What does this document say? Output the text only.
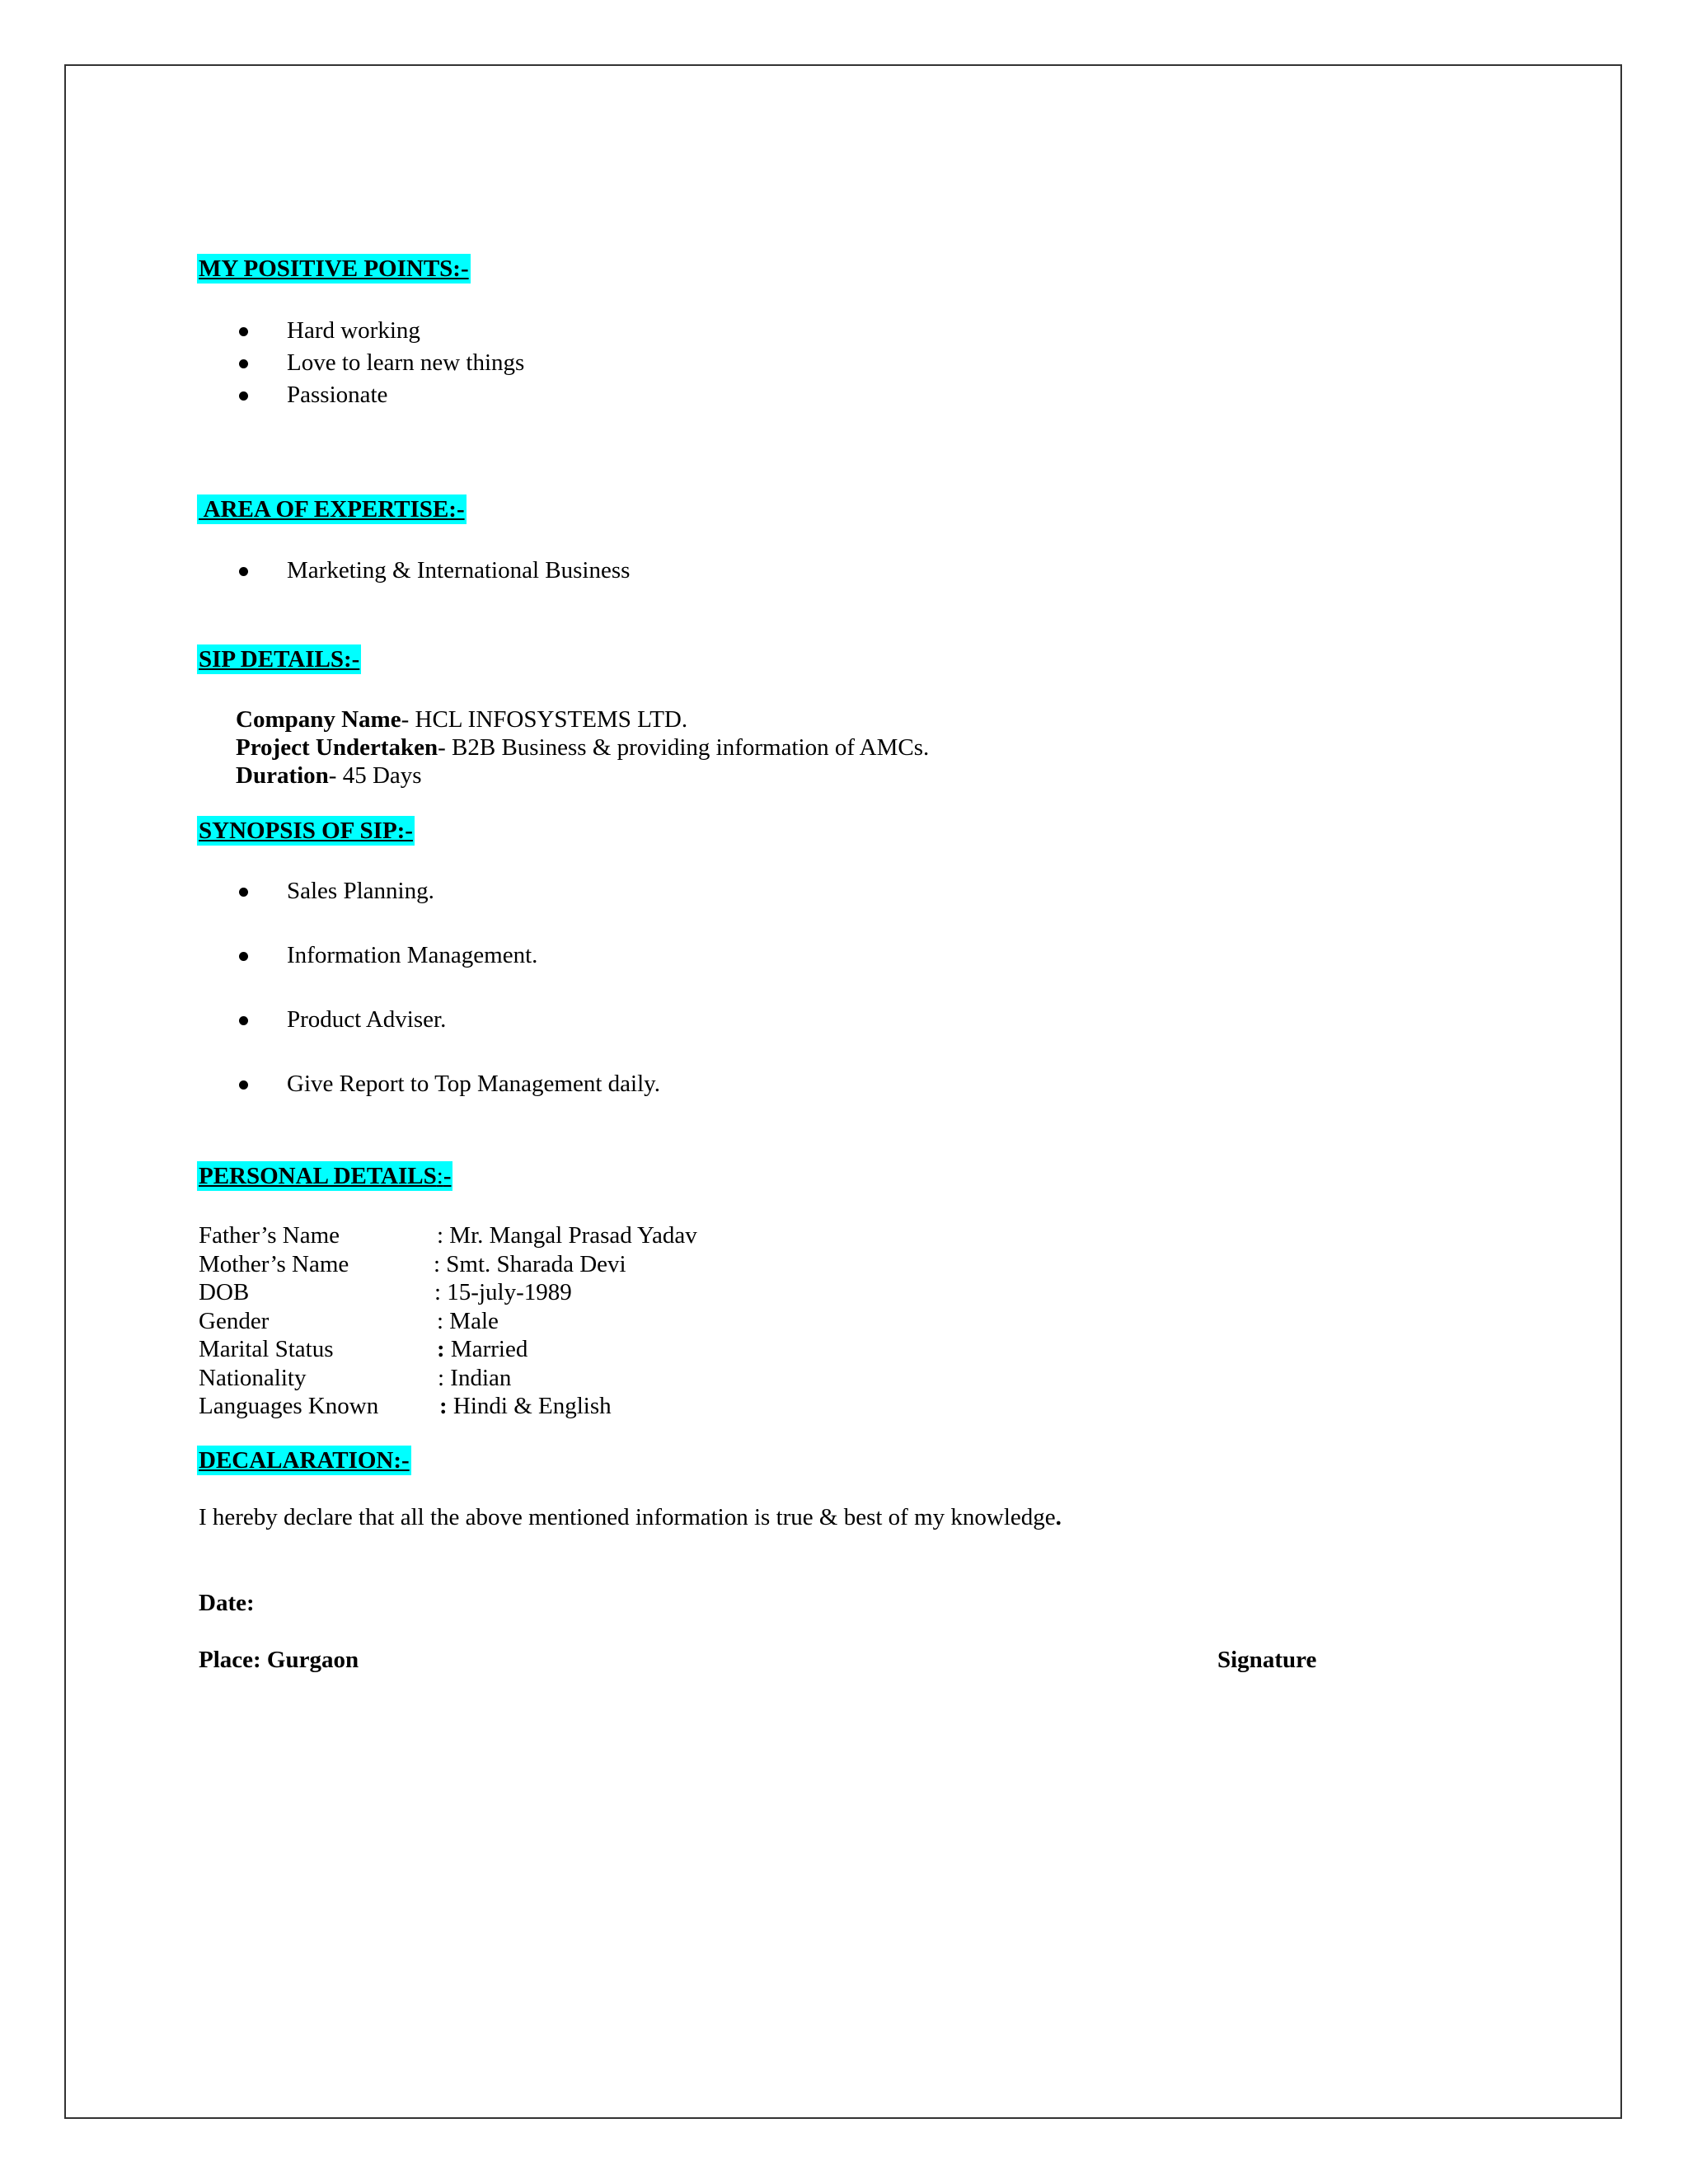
MY POSITIVE POINTS:-
Hard working
Love to learn new things
Passionate
AREA OF EXPERTISE:-
Marketing & International Business
SIP DETAILS:-
Company Name- HCL INFOSYSTEMS LTD.
Project Undertaken- B2B Business & providing information of AMCs.
Duration- 45 Days
SYNOPSIS OF SIP:-
Sales Planning.
Information Management.
Product Adviser.
Give Report to Top Management daily.
PERSONAL DETAILS:-
Father’s Name	: Mr. Mangal Prasad Yadav
Mother’s Name	: Smt. Sharada Devi
DOB	: 15-july-1989
Gender	: Male
Marital Status	: Married
Nationality	: Indian
Languages Known	: Hindi & English
DECALARATION:-
I hereby declare that all the above mentioned information is true & best of my knowledge.
Date:
Place: Gurgaon	Signature
